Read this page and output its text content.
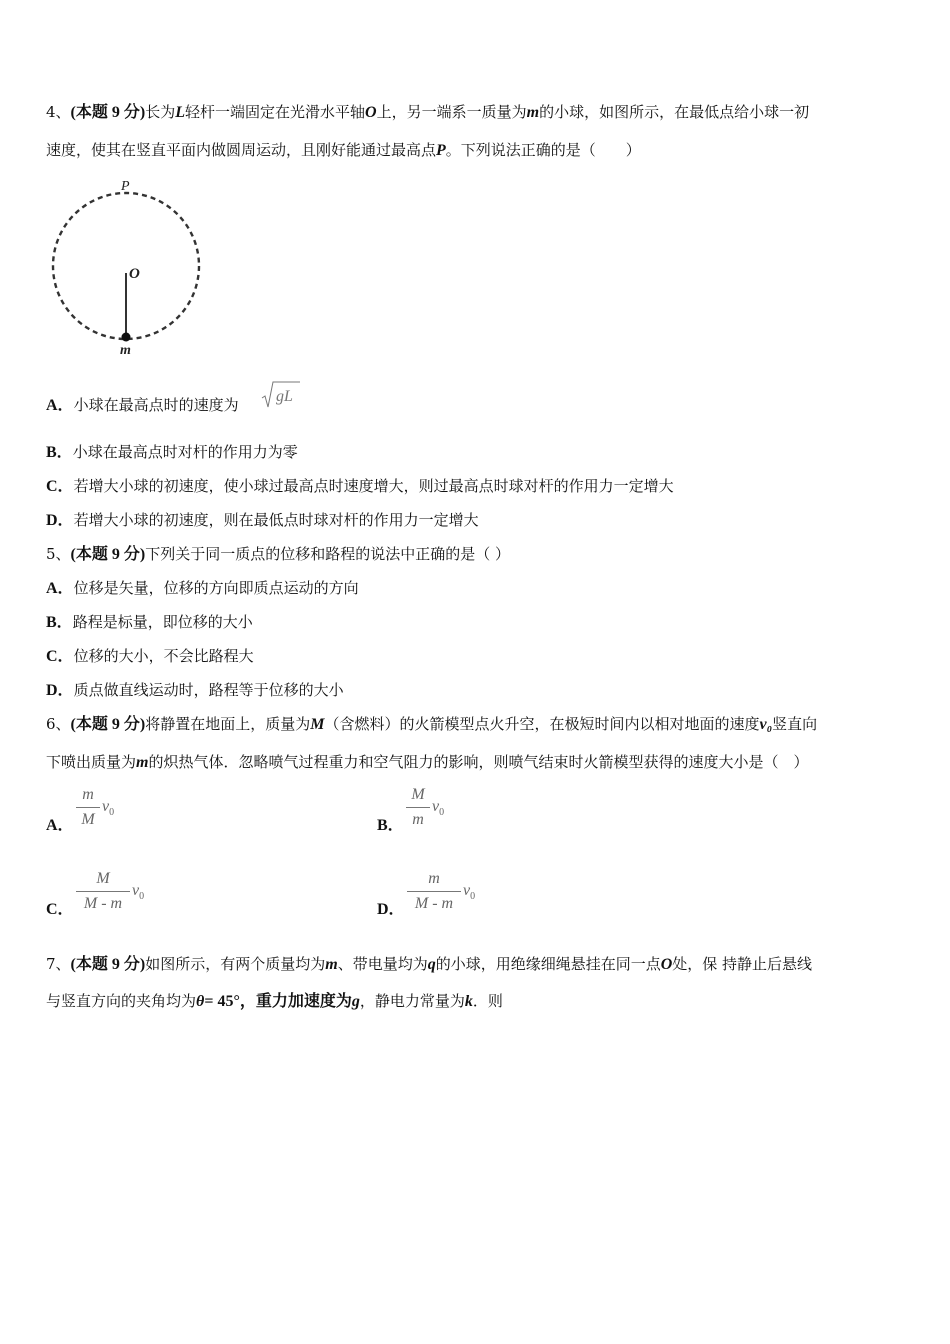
4、(本题 9 分)长为L轻杆一端固定在光滑水平轴O上，另一端系一质量为m的小球，如图所示，在最低点给小球一初
速度，使其在竖直平面内做圆周运动，且刚好能通过最高点P。下列说法正确的是（　　）
P
O
m
A．小球在最高点时的速度为 gL
B．小球在最高点时对杆的作用力为零
C．若增大小球的初速度，使小球过最高点时速度增大，则过最高点时球对杆的作用力一定增大
D．若增大小球的初速度，则在最低点时球对杆的作用力一定增大
5、(本题 9 分)下列关于同一质点的位移和路程的说法中正确的是（ ）
A．位移是矢量，位移的方向即质点运动的方向
B．路程是标量，即位移的大小
C．位移的大小，不会比路程大
D．质点做直线运动时，路程等于位移的大小
6、(本题 9 分)将静置在地面上，质量为M（含燃料）的火箭模型点火升空，在极短时间内以相对地面的速度v₀竖直向
下喷出质量为m的炽热气体．忽略喷气过程重力和空气阻力的影响，则喷气结束时火箭模型获得的速度大小是（　）
A．
m
M
$v_0$
B．
M
m
$v_0$
C．
M
M - m
$v_0$
D．
m
M - m
$v_0$
7、(本题 9 分)如图所示，有两个质量均为m、带电量均为q的小球，用绝缘细绳悬挂在同一点O处，保 持静止后悬线
与竖直方向的夹角均为θ= 45°，重力加速度为g，静电力常量为k．则
